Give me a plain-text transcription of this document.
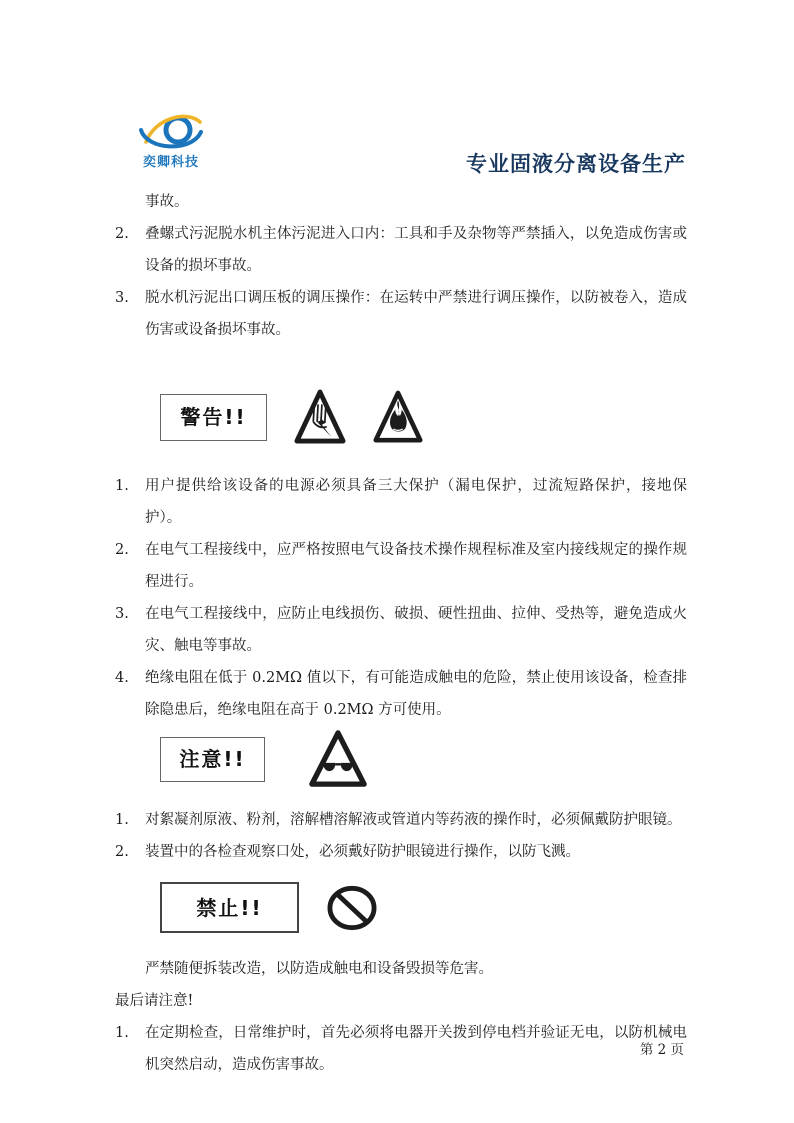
奕卿科技	专业固液分离设备生产
事故。
2.	叠螺式污泥脱水机主体污泥进入口内：工具和手及杂物等严禁插入，以免造成伤害或设备的损坏事故。
3.	脱水机污泥出口调压板的调压操作：在运转中严禁进行调压操作，以防被卷入，造成伤害或设备损坏事故。
警告!!
1.	用户提供给该设备的电源必须具备三大保护（漏电保护，过流短路保护，接地保护）。
2.	在电气工程接线中，应严格按照电气设备技术操作规程标准及室内接线规定的操作规程进行。
3.	在电气工程接线中，应防止电线损伤、破损、硬性扭曲、拉伸、受热等，避免造成火灾、触电等事故。
4.	绝缘电阻在低于 0.2MΩ 值以下，有可能造成触电的危险，禁止使用该设备，检查排除隐患后，绝缘电阻在高于 0.2MΩ 方可使用。
注意!!
1.	对絮凝剂原液、粉剂，溶解槽溶解液或管道内等药液的操作时，必须佩戴防护眼镜。
2.	装置中的各检查观察口处，必须戴好防护眼镜进行操作，以防飞溅。
禁止!!
严禁随便拆装改造，以防造成触电和设备毁损等危害。
最后请注意!
1.	在定期检查，日常维护时，首先必须将电器开关拨到停电档并验证无电，以防机械电机突然启动，造成伤害事故。
第 2 页
